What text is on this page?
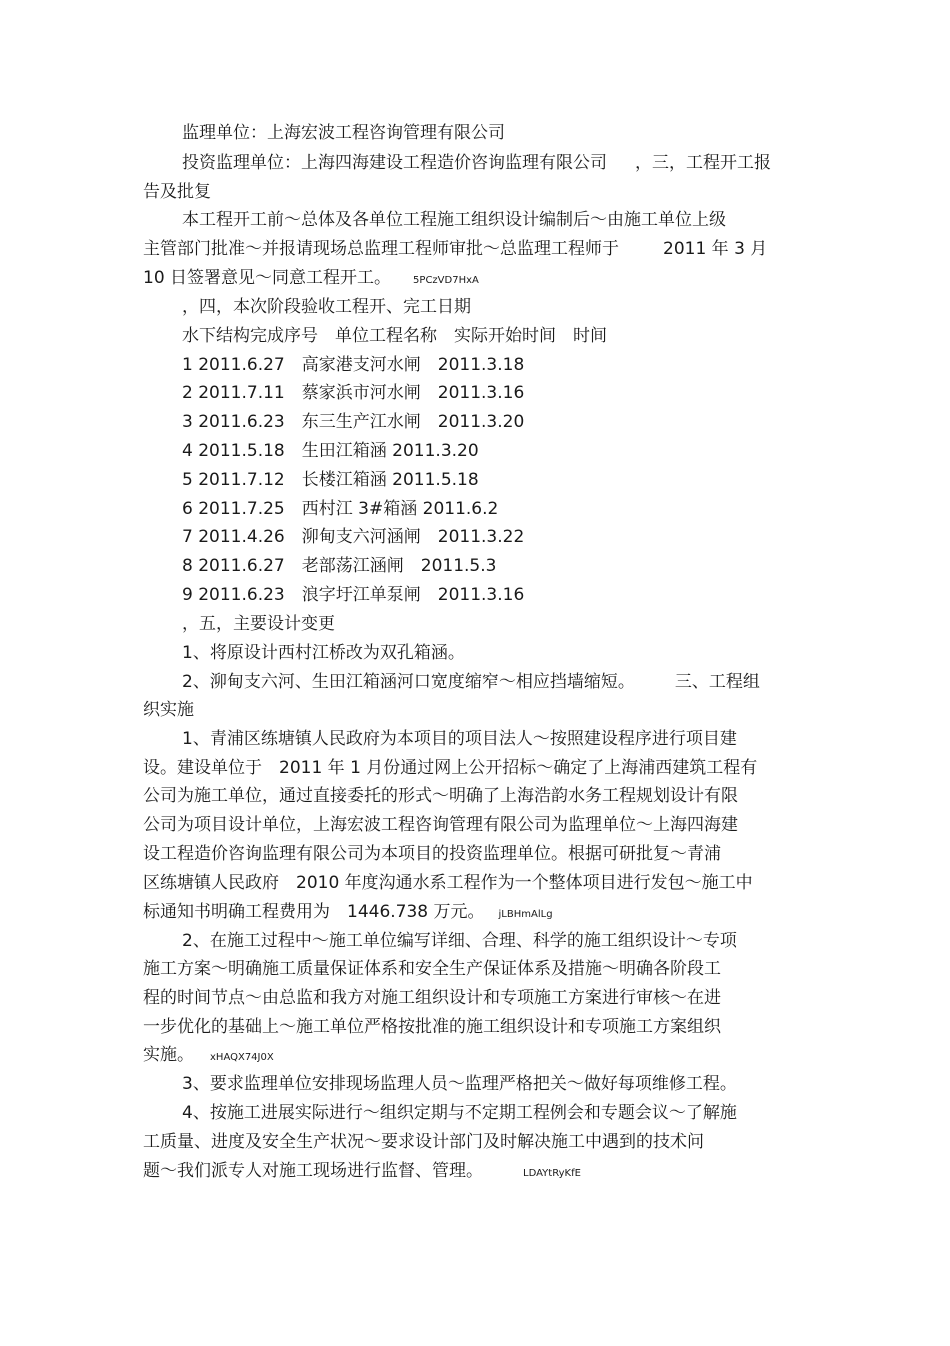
监理单位：上海宏波工程咨询管理有限公司
投资监理单位：上海四海建设工程造价咨询监理有限公司 ，三，工程开工报
告及批复
本工程开工前～总体及各单位工程施工组织设计编制后～由施工单位上级
主管部门批准～并报请现场总监理工程师审批～总监理工程师于	2011 年 3 月
10 日签署意见～同意工程开工。 5PCzVD7HxA
，四，本次阶段验收工程开、完工日期
水下结构完成序号　单位工程名称　实际开始时间　时间
1 2011.6.27　 高家港支河水闸　 2011.3.18
2 2011.7.11　 蔡家浜市河水闸　 2011.3.16
3 2011.6.23　 东三生产江水闸　 2011.3.20
4 2011.5.18　 生田江箱涵 2011.3.20
5 2011.7.12　 长楼江箱涵 2011.5.18
6 2011.7.25　 西村江 3#箱涵 2011.6.2
7 2011.4.26　 泖甸支六河涵闸　 2011.3.22
8 2011.6.27　 老部荡江涵闸　 2011.5.3
9 2011.6.23　 浪字圩江单泵闸　 2011.3.16
，五，主要设计变更
1、将原设计西村江桥改为双孔箱涵。
2、泖甸支六河、生田江箱涵河口宽度缩窄～相应挡墙缩短。 三、工程组
织实施
1、青浦区练塘镇人民政府为本项目的项目法人～按照建设程序进行项目建
设。建设单位于　2011 年 1 月份通过网上公开招标～确定了上海浦西建筑工程有
公司为施工单位，通过直接委托的形式～明确了上海浩韵水务工程规划设计有限
公司为项目设计单位，上海宏波工程咨询管理有限公司为监理单位～上海四海建
设工程造价咨询监理有限公司为本项目的投资监理单位。根据可研批复～青浦
区练塘镇人民政府　2010 年度沟通水系工程作为一个整体项目进行发包～施工中
标通知书明确工程费用为　1446.738 万元。 jLBHmAlLg
2、在施工过程中～施工单位编写详细、合理、科学的施工组织设计～专项
施工方案～明确施工质量保证体系和安全生产保证体系及措施～明确各阶段工
程的时间节点～由总监和我方对施工组织设计和专项施工方案进行审核～在进
一步优化的基础上～施工单位严格按批准的施工组织设计和专项施工方案组织
实施。 xHAQX74J0X
3、要求监理单位安排现场监理人员～监理严格把关～做好每项维修工程。
4、按施工进展实际进行～组织定期与不定期工程例会和专题会议～了解施
工质量、进度及安全生产状况～要求设计部门及时解决施工中遇到的技术问
题～我们派专人对施工现场进行监督、管理。	LDAYtRyKfE
